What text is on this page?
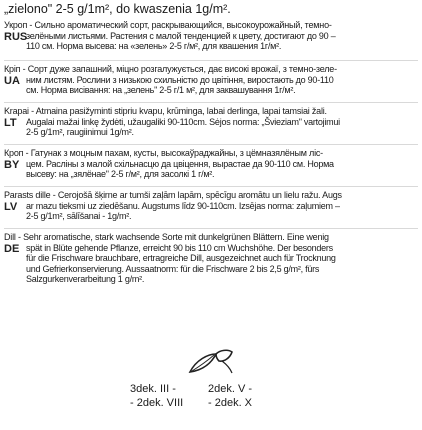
„zielono" 2-5 g/1m², do kwaszenia 1g/m².
Укроп - Сильно ароматический сорт, раскрывающийся, высокоурожайный, темно-
RUS
зелёными листьями. Растения с малой тенденцией к цвету, достигают до 90 –
110 см. Норма высева: на «зелень» 2-5 г/м², для квашения 1г/м².
Кріп - Сорт дуже запашний, міцно розгалужується, дає високі врожаї, з темно-зеле-
UA ним листям. Рослини з низькою схильністю до цвітіння, виростають до 90-110
см. Норма висівання: на „зелень" 2-5 г/1 м², для заквашування 1г/м².
Krapai - Atmaina pasižyminti stipriu kvapu, krūminga, labai derlinga, lapai tamsiai žali.
LT	Augalai mažai linkę žydėti, užaugaliki 90-110cm. Sėjos norma: „Švieziam" vartojimui
2-5 g/1m², raugiinimui 1g/m².
Кроп - Гатунак з моцным пахам, кусты, высокаўраджайны, з цёмназялёным ліс-
BY цем. Расліны з малой схільнасцю да цвіцення, вырастае да 90-110 см. Норма
высеву: на „зялёнае" 2-5 г/м², для засолкі 1 г/м².
Parasts dille - Cerojošā šķirne ar tumši zaļām lapām, spēcīgu aromātu un lielu ražu. Augs
LV ar mazu tieksmi uz ziedēšanu. Augstums līdz 90-110cm. Izsējas norma: zaļumiem –
2-5 g/1m², sālīšanai - 1g/m².
Dill - Sehr aromatische, stark wachsende Sorte mit dunkelgrünen Blättern. Eine wenig
DE spät in Blüte gehende Pflanze, erreicht 90 bis 110 cm Wuchshöhe. Der besonders
für die Frischware brauchbare, ertragreiche Dill, ausgezeichnet auch für Trocknung
und Gefrierkonservierung. Aussaatnorm: für die Frischware 2 bis 2,5 g/m², fürs
Salzgurkenverarbeitung 1 g/m².
3dek. III -	2dek. V -
- 2dek. VIII	- 2dek. X
